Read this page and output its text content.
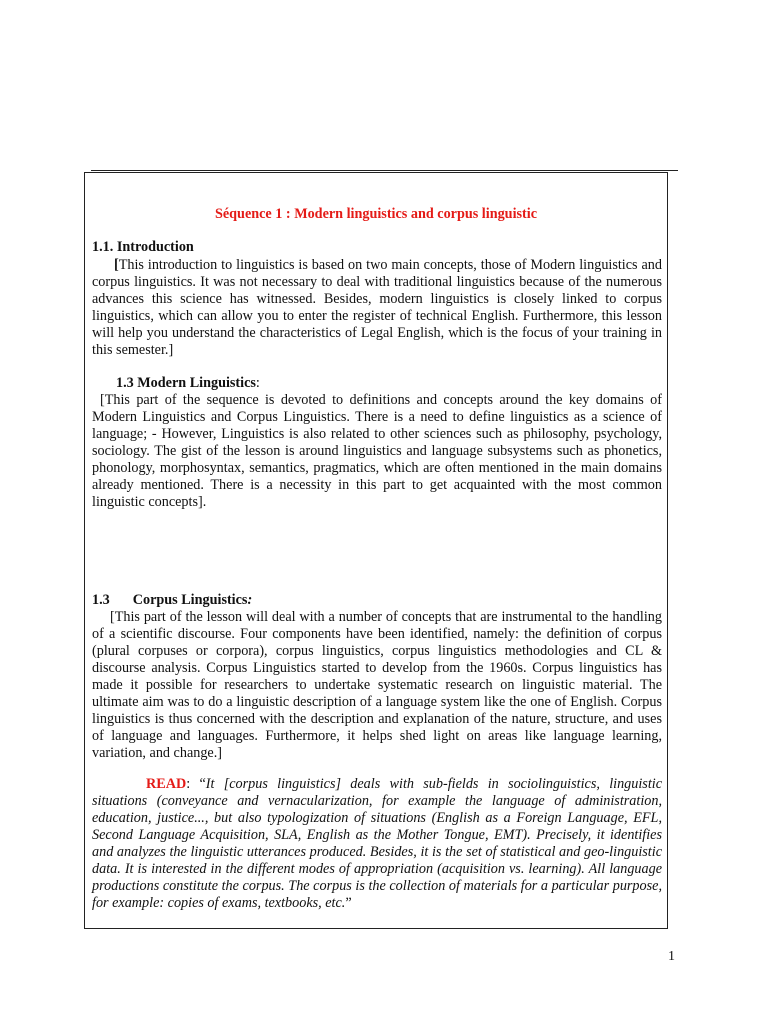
Séquence 1 : Modern linguistics and corpus linguistic
1.1. Introduction

[This introduction to linguistics is based on two main concepts, those of Modern linguistics and corpus linguistics. It was not necessary to deal with traditional linguistics because of the numerous advances this science has witnessed. Besides, modern linguistics is closely linked to corpus linguistics, which can allow you to enter the register of technical English. Furthermore, this lesson will help you understand the characteristics of Legal English, which is the focus of your training in this semester.]

1.3 Modern Linguistics:

[This part of the sequence is devoted to definitions and concepts around the key domains of Modern Linguistics and Corpus Linguistics. There is a need to define linguistics as a science of language; - However, Linguistics is also related to other sciences such as philosophy, psychology, sociology. The gist of the lesson is around linguistics and language subsystems such as phonetics, phonology, morphosyntax, semantics, pragmatics, which are often mentioned in the main domains already mentioned. There is a necessity in this part to get acquainted with the most common linguistic concepts].

1.3 Corpus Linguistics:

[This part of the lesson will deal with a number of concepts that are instrumental to the handling of a scientific discourse. Four components have been identified, namely: the definition of corpus (plural corpuses or corpora), corpus linguistics, corpus linguistics methodologies and CL & discourse analysis. Corpus Linguistics started to develop from the 1960s. Corpus linguistics has made it possible for researchers to undertake systematic research on linguistic material. The ultimate aim was to do a linguistic description of a language system like the one of English. Corpus linguistics is thus concerned with the description and explanation of the nature, structure, and uses of language and languages. Furthermore, it helps shed light on areas like language learning, variation, and change.]

READ: “It [corpus linguistics] deals with sub-fields in sociolinguistics, linguistic situations (conveyance and vernacularization, for example the language of administration, education, justice..., but also typologization of situations (English as a Foreign Language, EFL, Second Language Acquisition, SLA, English as the Mother Tongue, EMT). Precisely, it identifies and analyzes the linguistic utterances produced. Besides, it is the set of statistical and geo-linguistic data. It is interested in the different modes of appropriation (acquisition vs. learning). All language productions constitute the corpus. The corpus is the collection of materials for a particular purpose, for example: copies of exams, textbooks, etc.”
1
